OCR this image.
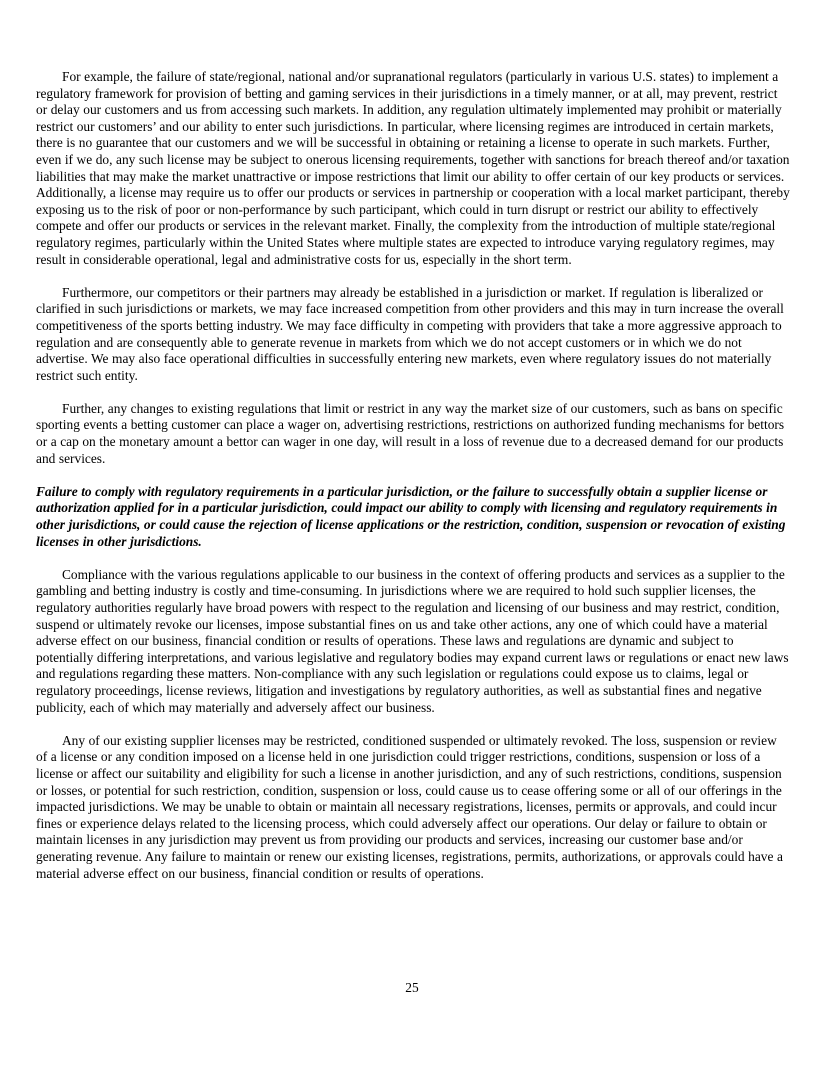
For example, the failure of state/regional, national and/or supranational regulators (particularly in various U.S. states) to implement a regulatory framework for provision of betting and gaming services in their jurisdictions in a timely manner, or at all, may prevent, restrict or delay our customers and us from accessing such markets. In addition, any regulation ultimately implemented may prohibit or materially restrict our customers’ and our ability to enter such jurisdictions. In particular, where licensing regimes are introduced in certain markets, there is no guarantee that our customers and we will be successful in obtaining or retaining a license to operate in such markets. Further, even if we do, any such license may be subject to onerous licensing requirements, together with sanctions for breach thereof and/or taxation liabilities that may make the market unattractive or impose restrictions that limit our ability to offer certain of our key products or services. Additionally, a license may require us to offer our products or services in partnership or cooperation with a local market participant, thereby exposing us to the risk of poor or non-performance by such participant, which could in turn disrupt or restrict our ability to effectively compete and offer our products or services in the relevant market. Finally, the complexity from the introduction of multiple state/regional regulatory regimes, particularly within the United States where multiple states are expected to introduce varying regulatory regimes, may result in considerable operational, legal and administrative costs for us, especially in the short term.

Furthermore, our competitors or their partners may already be established in a jurisdiction or market. If regulation is liberalized or clarified in such jurisdictions or markets, we may face increased competition from other providers and this may in turn increase the overall competitiveness of the sports betting industry. We may face difficulty in competing with providers that take a more aggressive approach to regulation and are consequently able to generate revenue in markets from which we do not accept customers or in which we do not advertise. We may also face operational difficulties in successfully entering new markets, even where regulatory issues do not materially restrict such entity.

Further, any changes to existing regulations that limit or restrict in any way the market size of our customers, such as bans on specific sporting events a betting customer can place a wager on, advertising restrictions, restrictions on authorized funding mechanisms for bettors or a cap on the monetary amount a bettor can wager in one day, will result in a loss of revenue due to a decreased demand for our products and services.

Failure to comply with regulatory requirements in a particular jurisdiction, or the failure to successfully obtain a supplier license or authorization applied for in a particular jurisdiction, could impact our ability to comply with licensing and regulatory requirements in other jurisdictions, or could cause the rejection of license applications or the restriction, condition, suspension or revocation of existing licenses in other jurisdictions.

Compliance with the various regulations applicable to our business in the context of offering products and services as a supplier to the gambling and betting industry is costly and time-consuming. In jurisdictions where we are required to hold such supplier licenses, the regulatory authorities regularly have broad powers with respect to the regulation and licensing of our business and may restrict, condition, suspend or ultimately revoke our licenses, impose substantial fines on us and take other actions, any one of which could have a material adverse effect on our business, financial condition or results of operations. These laws and regulations are dynamic and subject to potentially differing interpretations, and various legislative and regulatory bodies may expand current laws or regulations or enact new laws and regulations regarding these matters. Non-compliance with any such legislation or regulations could expose us to claims, legal or regulatory proceedings, license reviews, litigation and investigations by regulatory authorities, as well as substantial fines and negative publicity, each of which may materially and adversely affect our business.

Any of our existing supplier licenses may be restricted, conditioned suspended or ultimately revoked. The loss, suspension or review of a license or any condition imposed on a license held in one jurisdiction could trigger restrictions, conditions, suspension or loss of a license or affect our suitability and eligibility for such a license in another jurisdiction, and any of such restrictions, conditions, suspension or losses, or potential for such restriction, condition, suspension or loss, could cause us to cease offering some or all of our offerings in the impacted jurisdictions. We may be unable to obtain or maintain all necessary registrations, licenses, permits or approvals, and could incur fines or experience delays related to the licensing process, which could adversely affect our operations. Our delay or failure to obtain or maintain licenses in any jurisdiction may prevent us from providing our products and services, increasing our customer base and/or generating revenue. Any failure to maintain or renew our existing licenses, registrations, permits, authorizations, or approvals could have a material adverse effect on our business, financial condition or results of operations.

25
